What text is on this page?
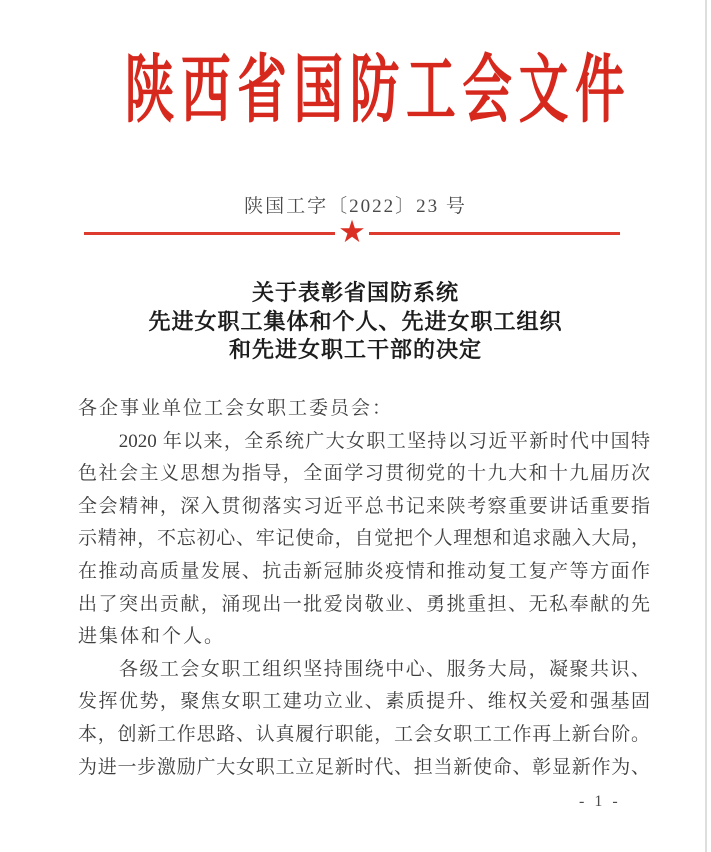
陕西省国防工会文件
陕国工字〔2022〕23 号
★
关于表彰省国防系统
先进女职工集体和个人、先进女职工组织
和先进女职工干部的决定
各企事业单位工会女职工委员会：
　　2020 年以来，全系统广大女职工坚持以习近平新时代中国特
色社会主义思想为指导，全面学习贯彻党的十九大和十九届历次
全会精神，深入贯彻落实习近平总书记来陕考察重要讲话重要指
示精神，不忘初心、牢记使命，自觉把个人理想和追求融入大局，
在推动高质量发展、抗击新冠肺炎疫情和推动复工复产等方面作
出了突出贡献，涌现出一批爱岗敬业、勇挑重担、无私奉献的先
进集体和个人。
　　各级工会女职工组织坚持围绕中心、服务大局，凝聚共识、
发挥优势，聚焦女职工建功立业、素质提升、维权关爱和强基固
本，创新工作思路、认真履行职能，工会女职工工作再上新台阶。
为进一步激励广大女职工立足新时代、担当新使命、彰显新作为、
- 1 -
